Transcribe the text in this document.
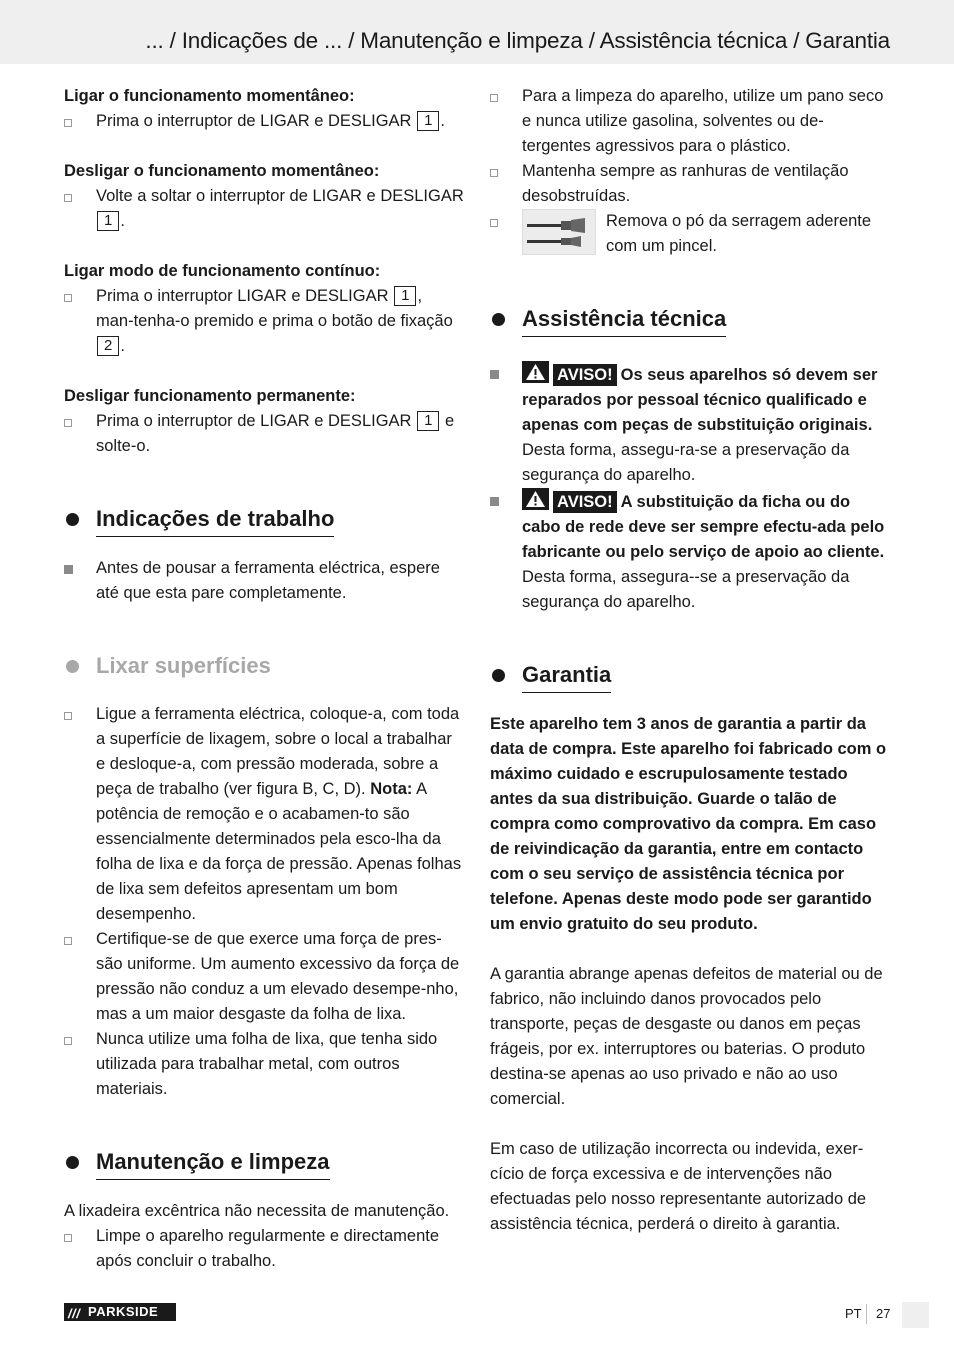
... / Indicações de ... / Manutenção e limpeza / Assistência técnica / Garantia
Ligar o funcionamento momentâneo:
Prima o interruptor de LIGAR e DESLIGAR 1 .
Desligar o funcionamento momentâneo:
Volte a soltar o interruptor de LIGAR e DESLIGAR 1 .
Ligar modo de funcionamento contínuo:
Prima o interruptor LIGAR e DESLIGAR 1 , man-tenha-o premido e prima o botão de fixação 2 .
Desligar funcionamento permanente:
Prima o interruptor de LIGAR e DESLIGAR 1 e solte-o.
Indicações de trabalho
Antes de pousar a ferramenta eléctrica, espere até que esta pare completamente.
Lixar superfícies
Ligue a ferramenta eléctrica, coloque-a, com toda a superfície de lixagem, sobre o local a trabalhar e desloque-a, com pressão moderada, sobre a peça de trabalho (ver figura B, C, D). Nota: A potência de remoção e o acabamen-to são essencialmente determinados pela esco-lha da folha de lixa e da força de pressão. Apenas folhas de lixa sem defeitos apresentam um bom desempenho.
Certifique-se de que exerce uma força de pres-são uniforme. Um aumento excessivo da força de pressão não conduz a um elevado desempe-nho, mas a um maior desgaste da folha de lixa.
Nunca utilize uma folha de lixa, que tenha sido utilizada para trabalhar metal, com outros materiais.
Manutenção e limpeza
A lixadeira excêntrica não necessita de manutenção.
Limpe o aparelho regularmente e directamente após concluir o trabalho.
Para a limpeza do aparelho, utilize um pano seco e nunca utilize gasolina, solventes ou de-tergentes agressivos para o plástico.
Mantenha sempre as ranhuras de ventilação desobstruídas.
Remova o pó da serragem aderente com um pincel.
Assistência técnica
AVISO! Os seus aparelhos só devem ser reparados por pessoal técnico qualificado e apenas com peças de substituição originais. Desta forma, assegu-ra-se a preservação da segurança do aparelho.
AVISO! A substituição da ficha ou do cabo de rede deve ser sempre efectu-ada pelo fabricante ou pelo serviço de apoio ao cliente. Desta forma, assegura--se a preservação da segurança do aparelho.
Garantia
Este aparelho tem 3 anos de garantia a partir da data de compra. Este aparelho foi fabricado com o máximo cuidado e escrupulosamente testado antes da sua distribuição. Guarde o talão de compra como comprovativo da compra. Em caso de reivindicação da garantia, entre em contacto com o seu serviço de assistência técnica por telefone. Apenas deste modo pode ser garantido um envio gratuito do seu produto.
A garantia abrange apenas defeitos de material ou de fabrico, não incluindo danos provocados pelo transporte, peças de desgaste ou danos em peças frágeis, por ex. interruptores ou baterias. O produto destina-se apenas ao uso privado e não ao uso comercial.
Em caso de utilização incorrecta ou indevida, exer-cício de força excessiva e de intervenções não efectuadas pelo nosso representante autorizado de assistência técnica, perderá o direito à garantia.
/// PARKSIDE	PT 27
